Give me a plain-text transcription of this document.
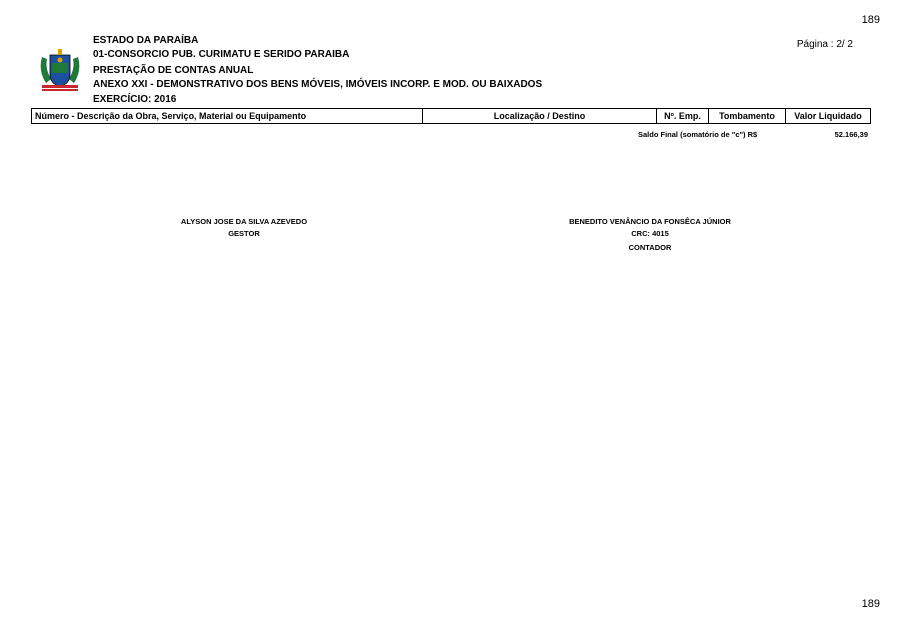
189
Página : 2/ 2
ESTADO DA PARAÍBA
01-CONSORCIO PUB. CURIMATU E SERIDO PARAIBA
PRESTAÇÃO DE CONTAS ANUAL
ANEXO XXI - DEMONSTRATIVO DOS BENS MÓVEIS, IMÓVEIS INCORP. E MOD. OU BAIXADOS
EXERCÍCIO: 2016
Número - Descrição da Obra, Serviço, Material ou Equipamento	Localização / Destino	Nº. Emp.	Tombamento	Valor Liquidado
Saldo Final (somatório de "c") R$	52.166,39
ALYSON JOSE DA SILVA AZEVEDO
GESTOR
BENEDITO VENÂNCIO DA FONSÊCA JÚNIOR
CRC: 4015
CONTADOR
189
